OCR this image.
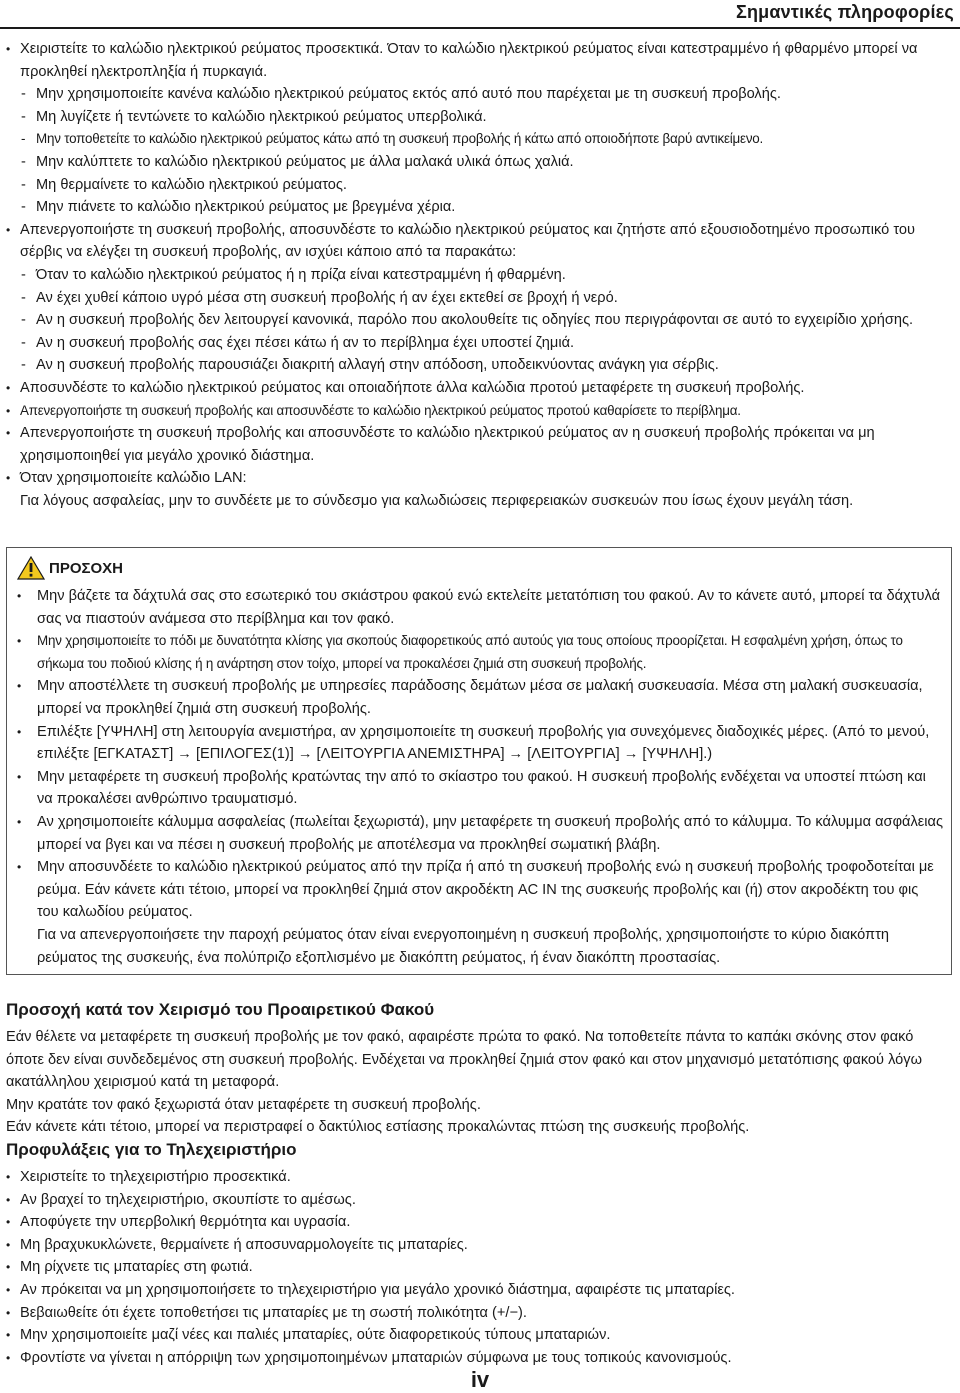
Σημαντικές πληροφορίες
• Χειριστείτε το καλώδιο ηλεκτρικού ρεύματος προσεκτικά. Όταν το καλώδιο ηλεκτρικού ρεύματος είναι κατεστραμμένο ή φθαρμένο μπορεί να προκληθεί ηλεκτροπληξία ή πυρκαγιά.
- Μην χρησιμοποιείτε κανένα καλώδιο ηλεκτρικού ρεύματος εκτός από αυτό που παρέχεται με τη συσκευή προβολής.
- Μη λυγίζετε ή τεντώνετε το καλώδιο ηλεκτρικού ρεύματος υπερβολικά.
- Μην τοποθετείτε το καλώδιο ηλεκτρικού ρεύματος κάτω από τη συσκευή προβολής ή κάτω από οποιοδήποτε βαρύ αντικείμενο.
- Μην καλύπτετε το καλώδιο ηλεκτρικού ρεύματος με άλλα μαλακά υλικά όπως χαλιά.
- Μη θερμαίνετε το καλώδιο ηλεκτρικού ρεύματος.
- Μην πιάνετε το καλώδιο ηλεκτρικού ρεύματος με βρεγμένα χέρια.
• Απενεργοποιήστε τη συσκευή προβολής, αποσυνδέστε το καλώδιο ηλεκτρικού ρεύματος και ζητήστε από εξουσιοδοτημένο προσωπικό του σέρβις να ελέγξει τη συσκευή προβολής, αν ισχύει κάποιο από τα παρακάτω:
- Όταν το καλώδιο ηλεκτρικού ρεύματος ή η πρίζα είναι κατεστραμμένη ή φθαρμένη.
- Αν έχει χυθεί κάποιο υγρό μέσα στη συσκευή προβολής ή αν έχει εκτεθεί σε βροχή ή νερό.
- Αν η συσκευή προβολής δεν λειτουργεί κανονικά, παρόλο που ακολουθείτε τις οδηγίες που περιγράφονται σε αυτό το εγχειρίδιο χρήσης.
- Αν η συσκευή προβολής σας έχει πέσει κάτω ή αν το περίβλημα έχει υποστεί ζημιά.
- Αν η συσκευή προβολής παρουσιάζει διακριτή αλλαγή στην απόδοση, υποδεικνύοντας ανάγκη για σέρβις.
• Αποσυνδέστε το καλώδιο ηλεκτρικού ρεύματος και οποιαδήποτε άλλα καλώδια προτού μεταφέρετε τη συσκευή προβολής.
• Απενεργοποιήστε τη συσκευή προβολής και αποσυνδέστε το καλώδιο ηλεκτρικού ρεύματος προτού καθαρίσετε το περίβλημα.
• Απενεργοποιήστε τη συσκευή προβολής και αποσυνδέστε το καλώδιο ηλεκτρικού ρεύματος αν η συσκευή προβολής πρόκειται να μη χρησιμοποιηθεί για μεγάλο χρονικό διάστημα.
• Όταν χρησιμοποιείτε καλώδιο LAN:
Για λόγους ασφαλείας, μην το συνδέετε με το σύνδεσμο για καλωδιώσεις περιφερειακών συσκευών που ίσως έχουν μεγάλη τάση.
ΠΡΟΣΟΧΗ
• Μην βάζετε τα δάχτυλά σας στο εσωτερικό του σκιάστρου φακού ενώ εκτελείτε μετατόπιση του φακού. Αν το κάνετε αυτό, μπορεί τα δάχτυλά σας να πιαστούν ανάμεσα στο περίβλημα και τον φακό.
• Μην χρησιμοποιείτε το πόδι με δυνατότητα κλίσης για σκοπούς διαφορετικούς από αυτούς για τους οποίους προορίζεται. Η εσφαλμένη χρήση, όπως το σήκωμα του ποδιού κλίσης ή η ανάρτηση στον τοίχο, μπορεί να προκαλέσει ζημιά στη συσκευή προβολής.
• Μην αποστέλλετε τη συσκευή προβολής με υπηρεσίες παράδοσης δεμάτων μέσα σε μαλακή συσκευασία. Μέσα στη μαλακή συσκευασία, μπορεί να προκληθεί ζημιά στη συσκευή προβολής.
• Επιλέξτε [ΥΨΗΛΗ] στη λειτουργία ανεμιστήρα, αν χρησιμοποιείτε τη συσκευή προβολής για συνεχόμενες διαδοχικές μέρες. (Από το μενού, επιλέξτε [ΕΓΚΑΤΑΣΤ] → [ΕΠΙΛΟΓΕΣ(1)] → [ΛΕΙΤΟΥΡΓΙΑ ΑΝΕΜΙΣΤΗΡΑ] → [ΛΕΙΤΟΥΡΓΙΑ] → [ΥΨΗΛΗ].)
• Μην μεταφέρετε τη συσκευή προβολής κρατώντας την από το σκίαστρο του φακού. Η συσκευή προβολής ενδέχεται να υποστεί πτώση και να προκαλέσει ανθρώπινο τραυματισμό.
• Αν χρησιμοποιείτε κάλυμμα ασφαλείας (πωλείται ξεχωριστά), μην μεταφέρετε τη συσκευή προβολής από το κάλυμμα. Το κάλυμμα ασφάλειας μπορεί να βγει και να πέσει η συσκευή προβολής με αποτέλεσμα να προκληθεί σωματική βλάβη.
• Μην αποσυνδέετε το καλώδιο ηλεκτρικού ρεύματος από την πρίζα ή από τη συσκευή προβολής ενώ η συσκευή προβολής τροφοδοτείται με ρεύμα. Εάν κάνετε κάτι τέτοιο, μπορεί να προκληθεί ζημιά στον ακροδέκτη AC IN της συσκευής προβολής και (ή) στον ακροδέκτη του φις του καλωδίου ρεύματος.
Για να απενεργοποιήσετε την παροχή ρεύματος όταν είναι ενεργοποιημένη η συσκευή προβολής, χρησιμοποιήστε το κύριο διακόπτη ρεύματος της συσκευής, ένα πολύπριζο εξοπλισμένο με διακόπτη ρεύματος, ή έναν διακόπτη προστασίας.
Προσοχή κατά τον Χειρισμό του Προαιρετικού Φακού
Εάν θέλετε να μεταφέρετε τη συσκευή προβολής με τον φακό, αφαιρέστε πρώτα το φακό. Να τοποθετείτε πάντα το καπάκι σκόνης στον φακό όποτε δεν είναι συνδεδεμένος στη συσκευή προβολής. Ενδέχεται να προκληθεί ζημιά στον φακό και στον μηχανισμό μετατόπισης φακού λόγω ακατάλληλου χειρισμού κατά τη μεταφορά.
Μην κρατάτε τον φακό ξεχωριστά όταν μεταφέρετε τη συσκευή προβολής.
Εάν κάνετε κάτι τέτοιο, μπορεί να περιστραφεί ο δακτύλιος εστίασης προκαλώντας πτώση της συσκευής προβολής.
Προφυλάξεις για το Τηλεχειριστήριο
• Χειριστείτε το τηλεχειριστήριο προσεκτικά.
• Αν βραχεί το τηλεχειριστήριο, σκουπίστε το αμέσως.
• Αποφύγετε την υπερβολική θερμότητα και υγρασία.
• Μη βραχυκυκλώνετε, θερμαίνετε ή αποσυναρμολογείτε τις μπαταρίες.
• Μη ρίχνετε τις μπαταρίες στη φωτιά.
• Αν πρόκειται να μη χρησιμοποιήσετε το τηλεχειριστήριο για μεγάλο χρονικό διάστημα, αφαιρέστε τις μπαταρίες.
• Βεβαιωθείτε ότι έχετε τοποθετήσει τις μπαταρίες με τη σωστή πολικότητα (+/−).
• Μην χρησιμοποιείτε μαζί νέες και παλιές μπαταρίες, ούτε διαφορετικούς τύπους μπαταριών.
• Φροντίστε να γίνεται η απόρριψη των χρησιμοποιημένων μπαταριών σύμφωνα με τους τοπικούς κανονισμούς.
iv
